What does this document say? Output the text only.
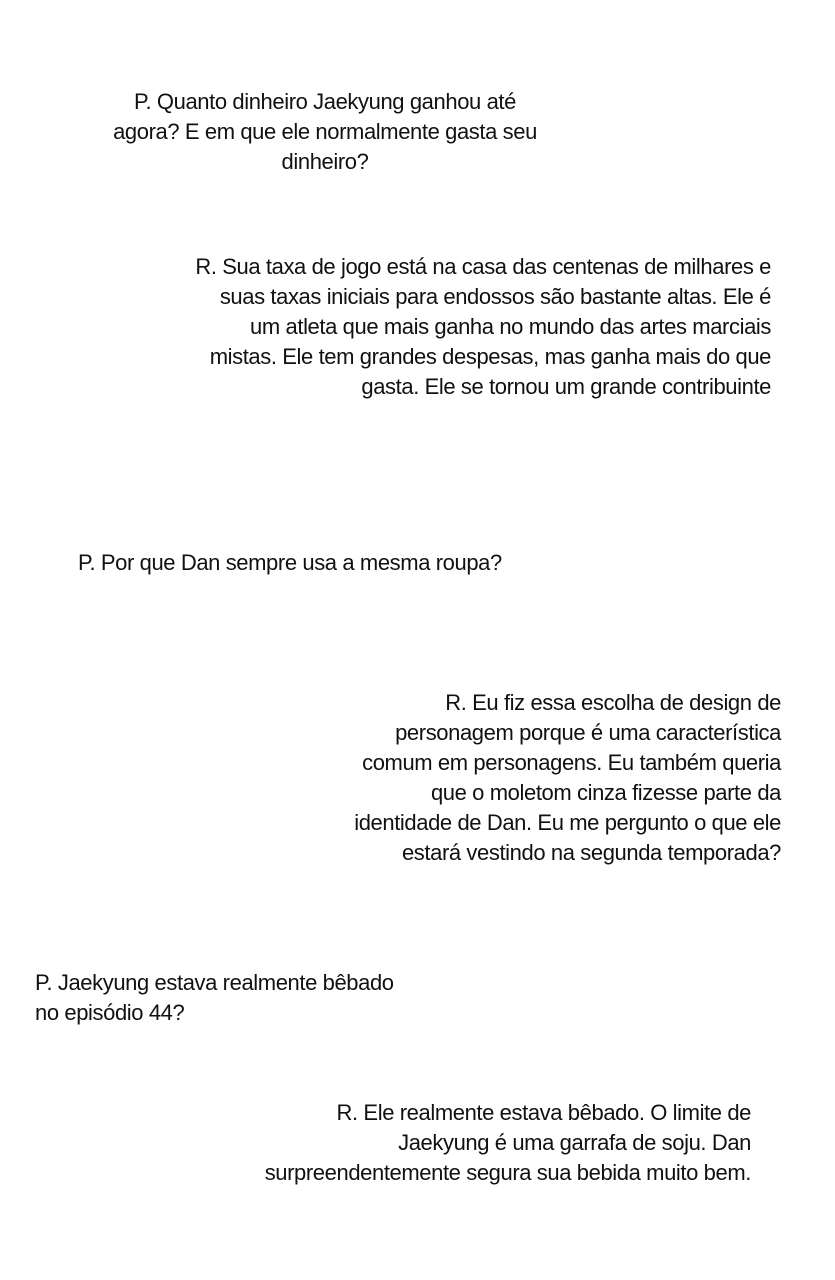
P. Quanto dinheiro Jaekyung ganhou até
agora? E em que ele normalmente gasta seu
dinheiro?
R. Sua taxa de jogo está na casa das centenas de milhares e
suas taxas iniciais para endossos são bastante altas. Ele é
um atleta que mais ganha no mundo das artes marciais
mistas. Ele tem grandes despesas, mas ganha mais do que
gasta. Ele se tornou um grande contribuinte
P. Por que Dan sempre usa a mesma roupa?
R. Eu fiz essa escolha de design de
personagem porque é uma característica
comum em personagens. Eu também queria
que o moletom cinza fizesse parte da
identidade de Dan. Eu me pergunto o que ele
estará vestindo na segunda temporada?
P. Jaekyung estava realmente bêbado
no episódio 44?
R. Ele realmente estava bêbado. O limite de
Jaekyung é uma garrafa de soju. Dan
surpreendentemente segura sua bebida muito bem.
